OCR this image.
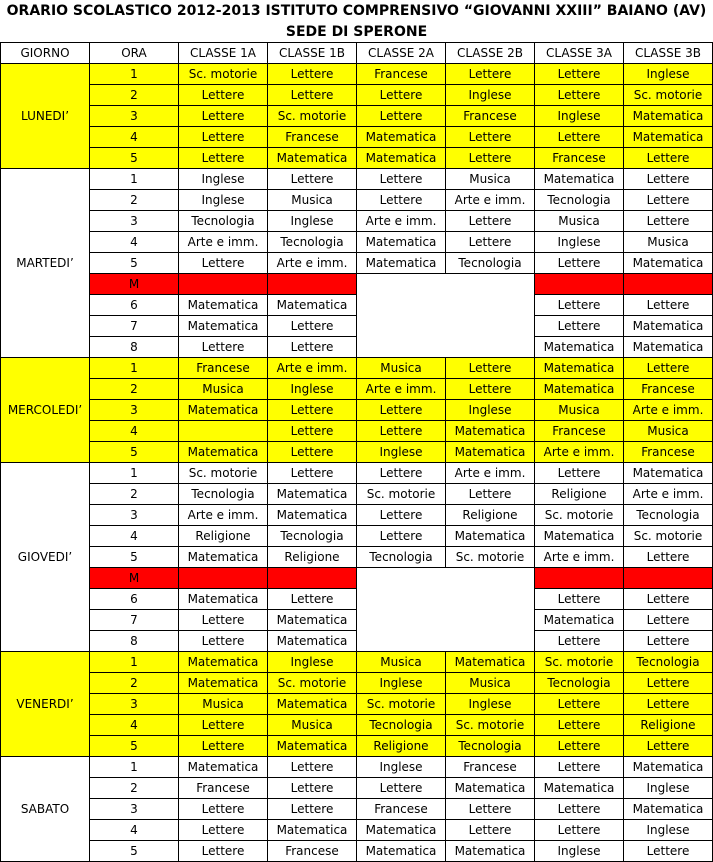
ORARIO SCOLASTICO 2012-2013 ISTITUTO COMPRENSIVO “GIOVANNI XXIII” BAIANO (AV)
SEDE DI SPERONE
GIORNO	ORA	CLASSE 1A	CLASSE 1B	CLASSE 2A	CLASSE 2B	CLASSE 3A	CLASSE 3B
LUNEDI’	1	Sc. motorie	Lettere	Francese	Lettere	Lettere	Inglese
	2	Lettere	Lettere	Lettere	Inglese	Lettere	Sc. motorie
	3	Lettere	Sc. motorie	Lettere	Francese	Inglese	Matematica
	4	Lettere	Francese	Matematica	Lettere	Lettere	Matematica
	5	Lettere	Matematica	Matematica	Lettere	Francese	Lettere
MARTEDI’	1	Inglese	Lettere	Lettere	Musica	Matematica	Lettere
	2	Inglese	Musica	Lettere	Arte e imm.	Tecnologia	Lettere
	3	Tecnologia	Inglese	Arte e imm.	Lettere	Musica	Lettere
	4	Arte e imm.	Tecnologia	Matematica	Lettere	Inglese	Musica
	5	Lettere	Arte e imm.	Matematica	Tecnologia	Lettere	Matematica
	M						
	6	Matematica	Matematica			Lettere	Lettere
	7	Matematica	Lettere			Lettere	Matematica
	8	Lettere	Lettere			Matematica	Matematica
MERCOLEDI’	1	Francese	Arte e imm.	Musica	Lettere	Matematica	Lettere
	2	Musica	Inglese	Arte e imm.	Lettere	Matematica	Francese
	3	Matematica	Lettere	Lettere	Inglese	Musica	Arte e imm.
	4		Lettere	Lettere	Matematica	Francese	Musica
	5	Matematica	Lettere	Inglese	Matematica	Arte e imm.	Francese
GIOVEDI’	1	Sc. motorie	Lettere	Lettere	Arte e imm.	Lettere	Matematica
	2	Tecnologia	Matematica	Sc. motorie	Lettere	Religione	Arte e imm.
	3	Arte e imm.	Matematica	Lettere	Religione	Sc. motorie	Tecnologia
	4	Religione	Tecnologia	Lettere	Matematica	Matematica	Sc. motorie
	5	Matematica	Religione	Tecnologia	Sc. motorie	Arte e imm.	Lettere
	M						
	6	Matematica	Lettere			Lettere	Lettere
	7	Lettere	Matematica			Matematica	Lettere
	8	Lettere	Matematica			Lettere	Lettere
VENERDI’	1	Matematica	Inglese	Musica	Matematica	Sc. motorie	Tecnologia
	2	Matematica	Sc. motorie	Inglese	Musica	Tecnologia	Lettere
	3	Musica	Matematica	Sc. motorie	Inglese	Lettere	Lettere
	4	Lettere	Musica	Tecnologia	Sc. motorie	Lettere	Religione
	5	Lettere	Matematica	Religione	Tecnologia	Lettere	Lettere
SABATO	1	Matematica	Lettere	Inglese	Francese	Lettere	Matematica
	2	Francese	Lettere	Lettere	Matematica	Matematica	Inglese
	3	Lettere	Lettere	Francese	Lettere	Lettere	Matematica
	4	Lettere	Matematica	Matematica	Lettere	Lettere	Inglese
	5	Lettere	Francese	Matematica	Matematica	Inglese	Lettere
